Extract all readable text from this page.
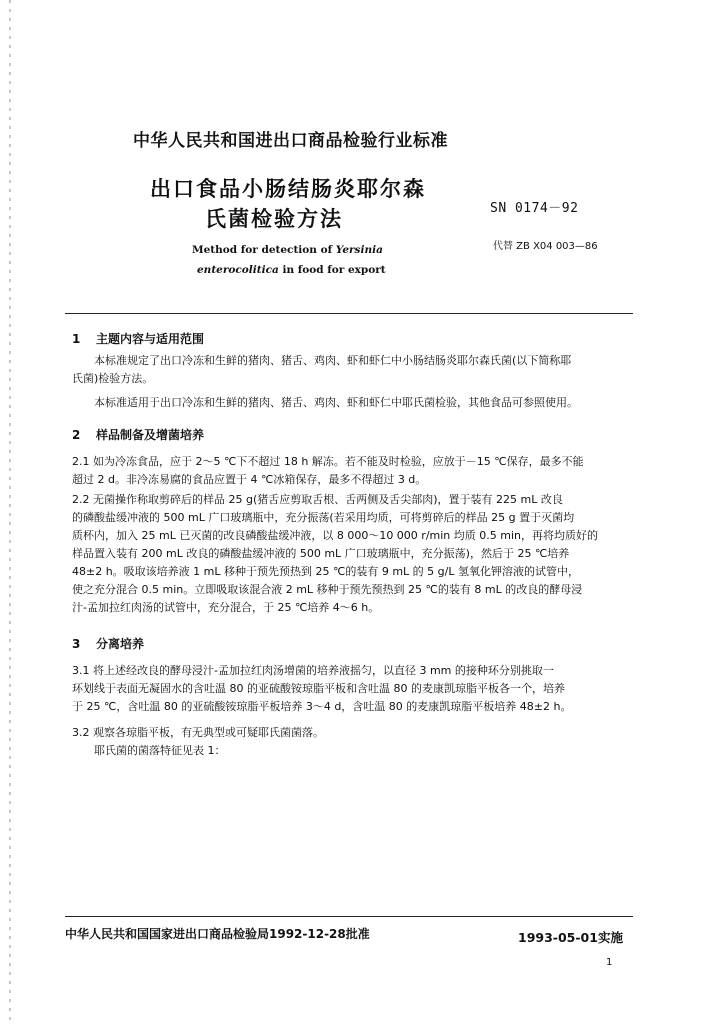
中华人民共和国进出口商品检验行业标准
出口食品小肠结肠炎耶尔森
氏菌检验方法	SN 0174－92
代替 ZB X04 003—86
Method for detection of Yersinia
enterocolitica in food for export
1 主题内容与适用范围
本标准规定了出口冷冻和生鲜的猪肉、猪舌、鸡肉、虾和虾仁中小肠结肠炎耶尔森氏菌(以下简称耶
氏菌)检验方法。
本标准适用于出口冷冻和生鲜的猪肉、猪舌、鸡肉、虾和虾仁中耶氏菌检验，其他食品可参照使用。
2 样品制备及增菌培养
2.1 如为冷冻食品，应于 2～5 ℃下不超过 18 h 解冻。若不能及时检验，应放于－15 ℃保存，最多不能
超过 2 d。非冷冻易腐的食品应置于 4 ℃冰箱保存，最多不得超过 3 d。
2.2 无菌操作称取剪碎后的样品 25 g(猪舌应剪取舌根、舌两侧及舌尖部肉)，置于装有 225 mL 改良
的磷酸盐缓冲液的 500 mL 广口玻璃瓶中，充分振荡(若采用均质，可将剪碎后的样品 25 g 置于灭菌均
质杯内，加入 25 mL 已灭菌的改良磷酸盐缓冲液，以 8 000～10 000 r/min 均质 0.5 min，再将均质好的
样品置入装有 200 mL 改良的磷酸盐缓冲液的 500 mL 广口玻璃瓶中，充分振荡)，然后于 25 ℃培养
48±2 h。吸取该培养液 1 mL 移种于预先预热到 25 ℃的装有 9 mL 的 5 g/L 氢氧化钾溶液的试管中，
使之充分混合 0.5 min。立即吸取该混合液 2 mL 移种于预先预热到 25 ℃的装有 8 mL 的改良的酵母浸
汁-孟加拉红肉汤的试管中，充分混合，于 25 ℃培养 4～6 h。
3 分离培养
3.1 将上述经改良的酵母浸汁-孟加拉红肉汤增菌的培养液摇匀，以直径 3 mm 的接种环分别挑取一
环划线于表面无凝固水的含吐温 80 的亚硫酸铵琼脂平板和含吐温 80 的麦康凯琼脂平板各一个，培养
于 25 ℃，含吐温 80 的亚硫酸铵琼脂平板培养 3～4 d，含吐温 80 的麦康凯琼脂平板培养 48±2 h。
3.2 观察各琼脂平板，有无典型或可疑耶氏菌菌落。
耶氏菌的菌落特征见表 1：
中华人民共和国国家进出口商品检验局1992-12-28批准	1993-05-01实施
1
